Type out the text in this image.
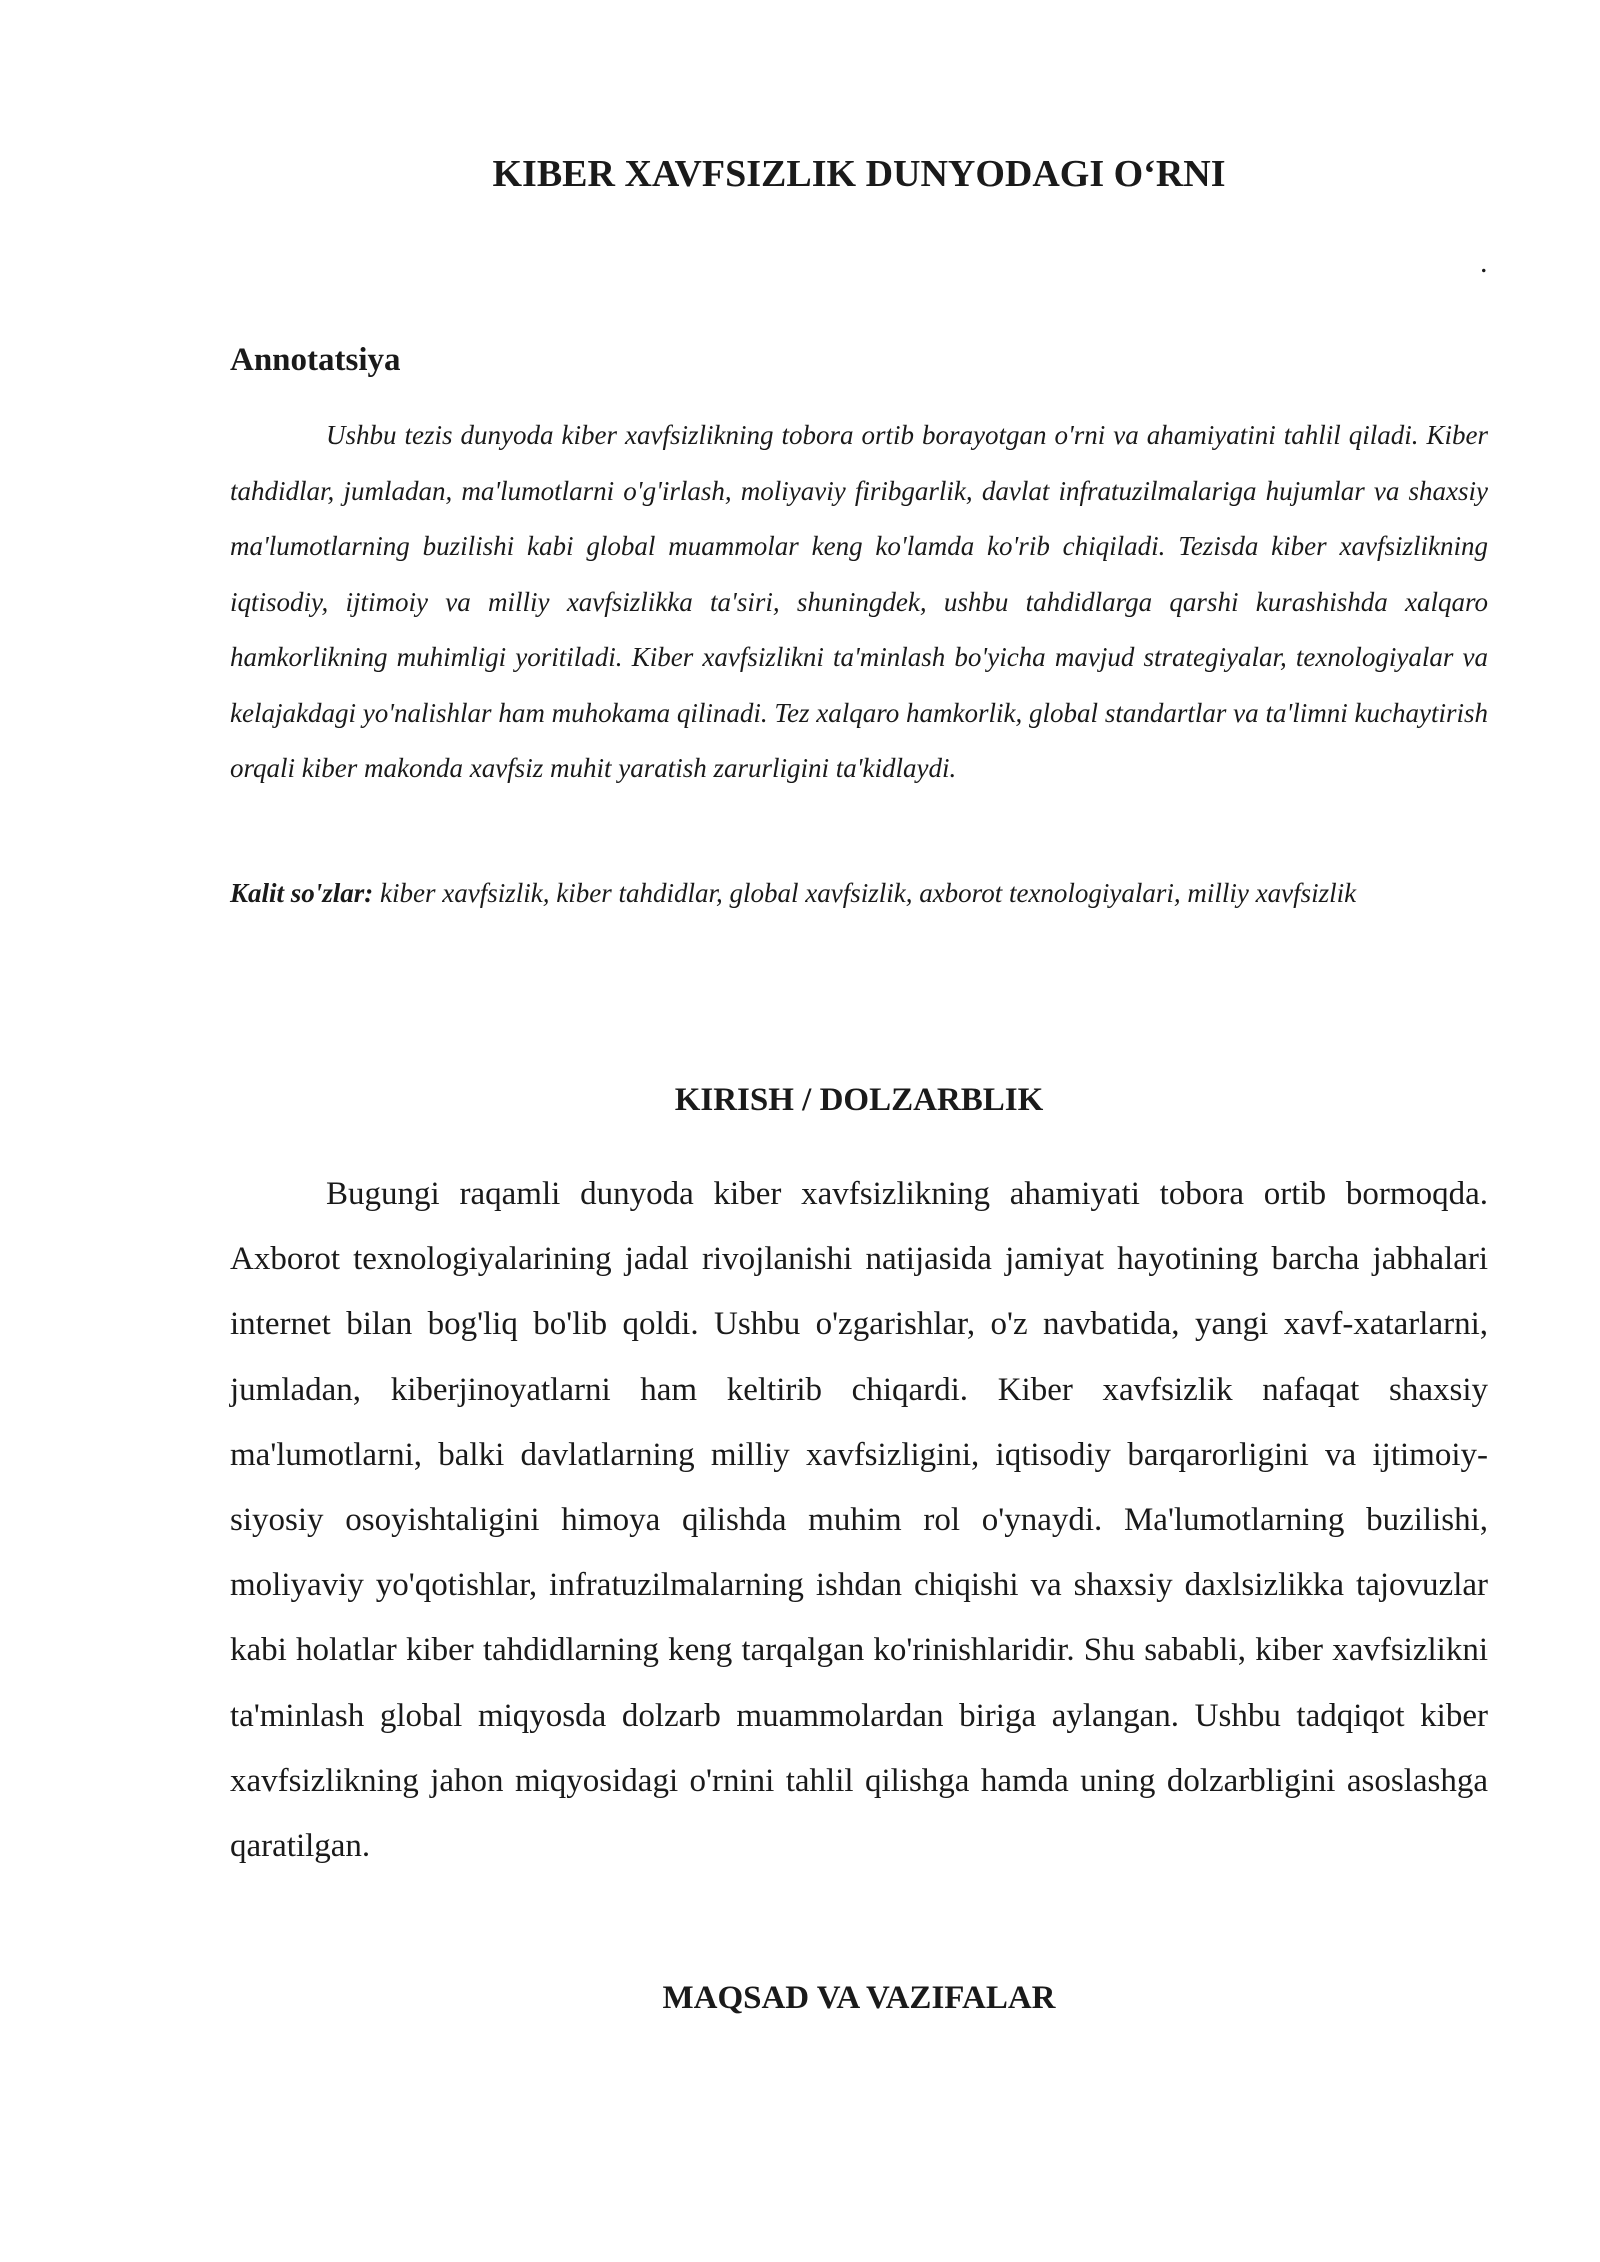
KIBER XAVFSIZLIK DUNYODAGI O‘RNI

.

Annotatsiya

Ushbu tezis dunyoda kiber xavfsizlikning tobora ortib borayotgan o'rni va ahamiyatini tahlil qiladi. Kiber tahdidlar, jumladan, ma'lumotlarni o'g'irlash, moliyaviy firibgarlik, davlat infratuzilmalariga hujumlar va shaxsiy ma'lumotlarning buzilishi kabi global muammolar keng ko'lamda ko'rib chiqiladi. Tezisda kiber xavfsizlikning iqtisodiy, ijtimoiy va milliy xavfsizlikka ta'siri, shuningdek, ushbu tahdidlarga qarshi kurashishda xalqaro hamkorlikning muhimligi yoritiladi. Kiber xavfsizlikni ta'minlash bo'yicha mavjud strategiyalar, texnologiyalar va kelajakdagi yo'nalishlar ham muhokama qilinadi. Tez xalqaro hamkorlik, global standartlar va ta'limni kuchaytirish orqali kiber makonda xavfsiz muhit yaratish zarurligini ta'kidlaydi.

Kalit so'zlar: kiber xavfsizlik, kiber tahdidlar, global xavfsizlik, axborot texnologiyalari, milliy xavfsizlik

KIRISH / DOLZARBLIK

Bugungi raqamli dunyoda kiber xavfsizlikning ahamiyati tobora ortib bormoqda. Axborot texnologiyalarining jadal rivojlanishi natijasida jamiyat hayotining barcha jabhalari internet bilan bog'liq bo'lib qoldi. Ushbu o'zgarishlar, o'z navbatida, yangi xavf-xatarlarni, jumladan, kiberjinoyatlarni ham keltirib chiqardi. Kiber xavfsizlik nafaqat shaxsiy ma'lumotlarni, balki davlatlarning milliy xavfsizligini, iqtisodiy barqarorligini va ijtimoiy-siyosiy osoyishtaligini himoya qilishda muhim rol o'ynaydi. Ma'lumotlarning buzilishi, moliyaviy yo'qotishlar, infratuzilmalarning ishdan chiqishi va shaxsiy daxlsizlikka tajovuzlar kabi holatlar kiber tahdidlarning keng tarqalgan ko'rinishlaridir. Shu sababli, kiber xavfsizlikni ta'minlash global miqyosda dolzarb muammolardan biriga aylangan. Ushbu tadqiqot kiber xavfsizlikning jahon miqyosidagi o'rnini tahlil qilishga hamda uning dolzarbligini asoslashga qaratilgan.

MAQSAD VA VAZIFALAR
